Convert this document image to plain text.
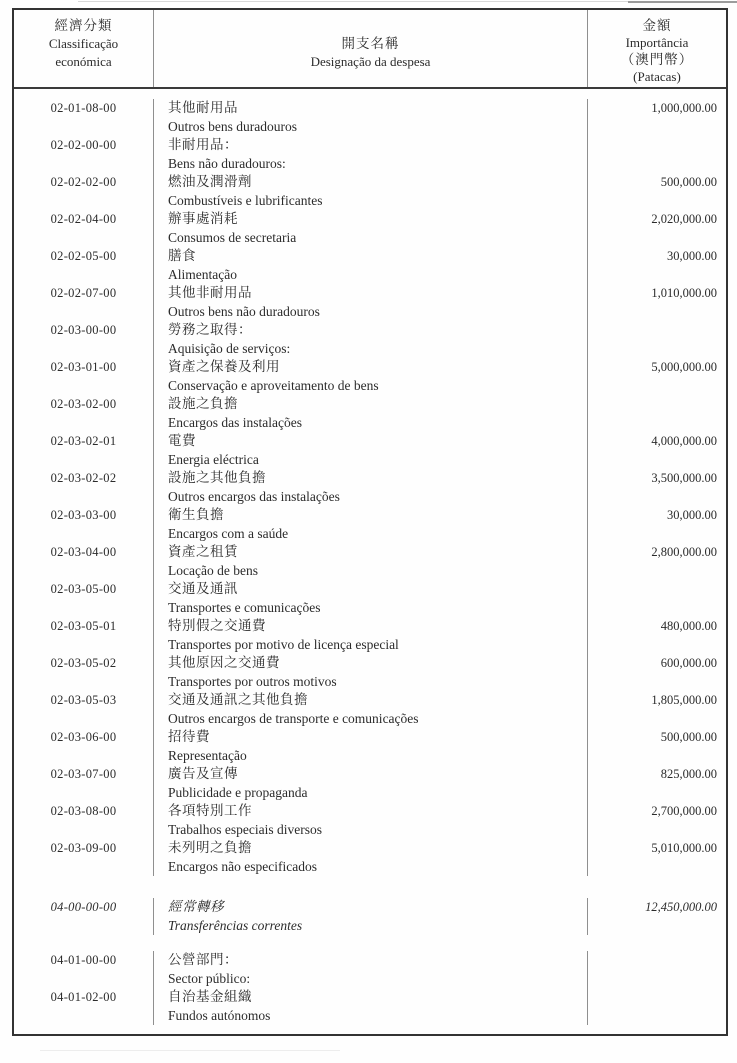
經濟分類
Classificação
económica
開支名稱
Designação da despesa
金額
Importância
（澳門幣）
(Patacas)
02-01-08-00	其他耐用品
Outros bens duradouros
1,000,000.00
02-02-00-00	非耐用品：
Bens não duradouros:
02-02-02-00	燃油及潤滑劑
Combustíveis e lubrificantes
500,000.00
02-02-04-00	辦事處消耗
Consumos de secretaria
2,020,000.00
02-02-05-00	膳食
Alimentação
30,000.00
02-02-07-00	其他非耐用品
Outros bens não duradouros
1,010,000.00
02-03-00-00	勞務之取得：
Aquisição de serviços:
02-03-01-00	資產之保養及利用
Conservação e aproveitamento de bens
5,000,000.00
02-03-02-00	設施之負擔
Encargos das instalações
02-03-02-01	電費
Energia eléctrica
4,000,000.00
02-03-02-02	設施之其他負擔
Outros encargos das instalações
3,500,000.00
02-03-03-00	衛生負擔
Encargos com a saúde
30,000.00
02-03-04-00	資產之租賃
Locação de bens
2,800,000.00
02-03-05-00	交通及通訊
Transportes e comunicações
02-03-05-01	特別假之交通費
Transportes por motivo de licença especial
480,000.00
02-03-05-02	其他原因之交通費
Transportes por outros motivos
600,000.00
02-03-05-03	交通及通訊之其他負擔
Outros encargos de transporte e comunicações
1,805,000.00
02-03-06-00	招待費
Representação
500,000.00
02-03-07-00	廣告及宣傳
Publicidade e propaganda
825,000.00
02-03-08-00	各項特別工作
Trabalhos especiais diversos
2,700,000.00
02-03-09-00	未列明之負擔
Encargos não especificados
5,010,000.00
04-00-00-00	經常轉移
Transferências correntes
12,450,000.00
04-01-00-00	公營部門：
Sector público:
04-01-02-00	自治基金組織
Fundos autónomos
